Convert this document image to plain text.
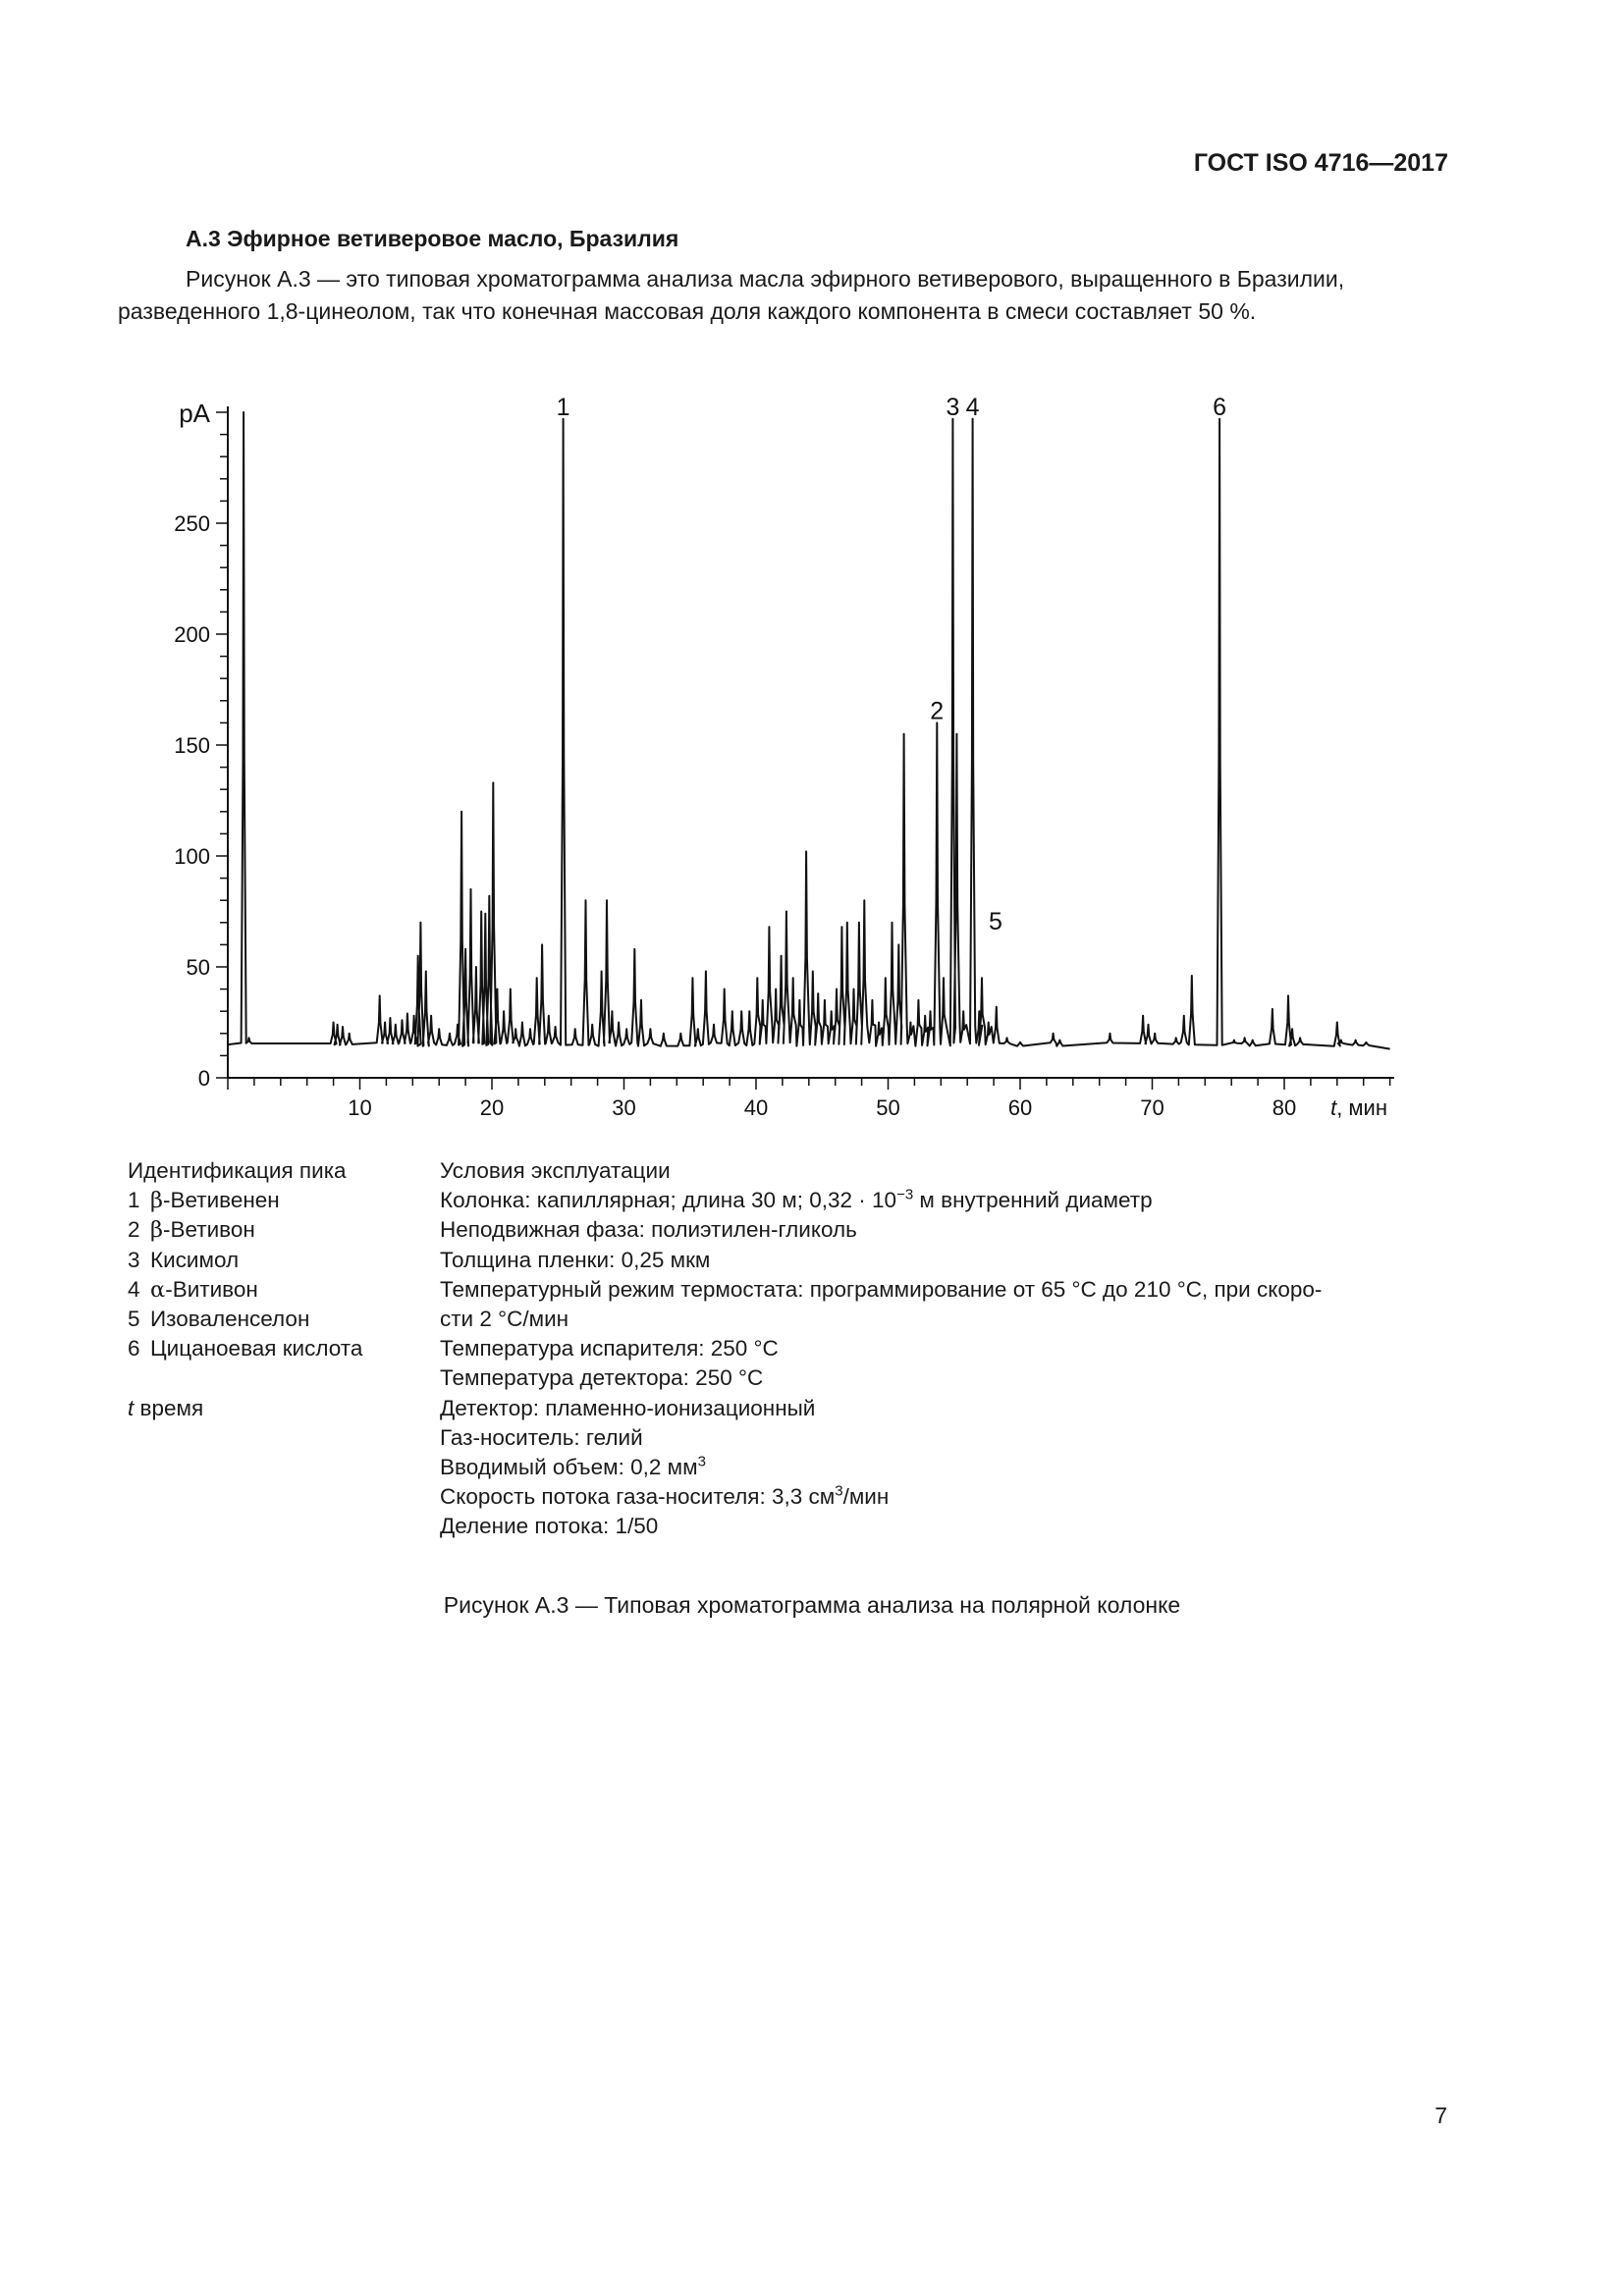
ГОСТ ISO 4716—2017
А.3 Эфирное ветиверовое масло, Бразилия
Рисунок А.3 — это типовая хроматограмма анализа масла эфирного ветиверового, выращенного в Бразилии, разведенного 1,8-цинеолом, так что конечная массовая доля каждого компонента в смеси составляет 50 %.
0
50
100
150
200
250
10	20	30	40	50	60	70	80
pA
t, мин
1
2
3 4
5
6
Идентификация пика
1 β -Ветивенен
2 β -Ветивон
3 Кисимол
4 α -Витивон
5 Изоваленселон
6 Цицаноевая кислота
t время
Условия эксплуатации
Колонка: капиллярная; длина 30 м; $0,32 \cdot 10^{-3}$ м внутренний диаметр
Неподвижная фаза: полиэтилен-гликоль
Толщина пленки: 0,25 мкм
Температурный режим термостата: программирование от 65 °C до 210 °C, при скоро-
сти 2 °C/мин
Температура испарителя: 250 °C
Температура детектора: 250 °C
Детектор: пламенно-ионизационный
Газ-носитель: гелий
Вводимый объем: 0,2 $мм^3$
Скорость потока газа-носителя: 3,3 $см^3$/мин
Деление потока: 1/50
Рисунок А.3 — Типовая хроматограмма анализа на полярной колонке
7
